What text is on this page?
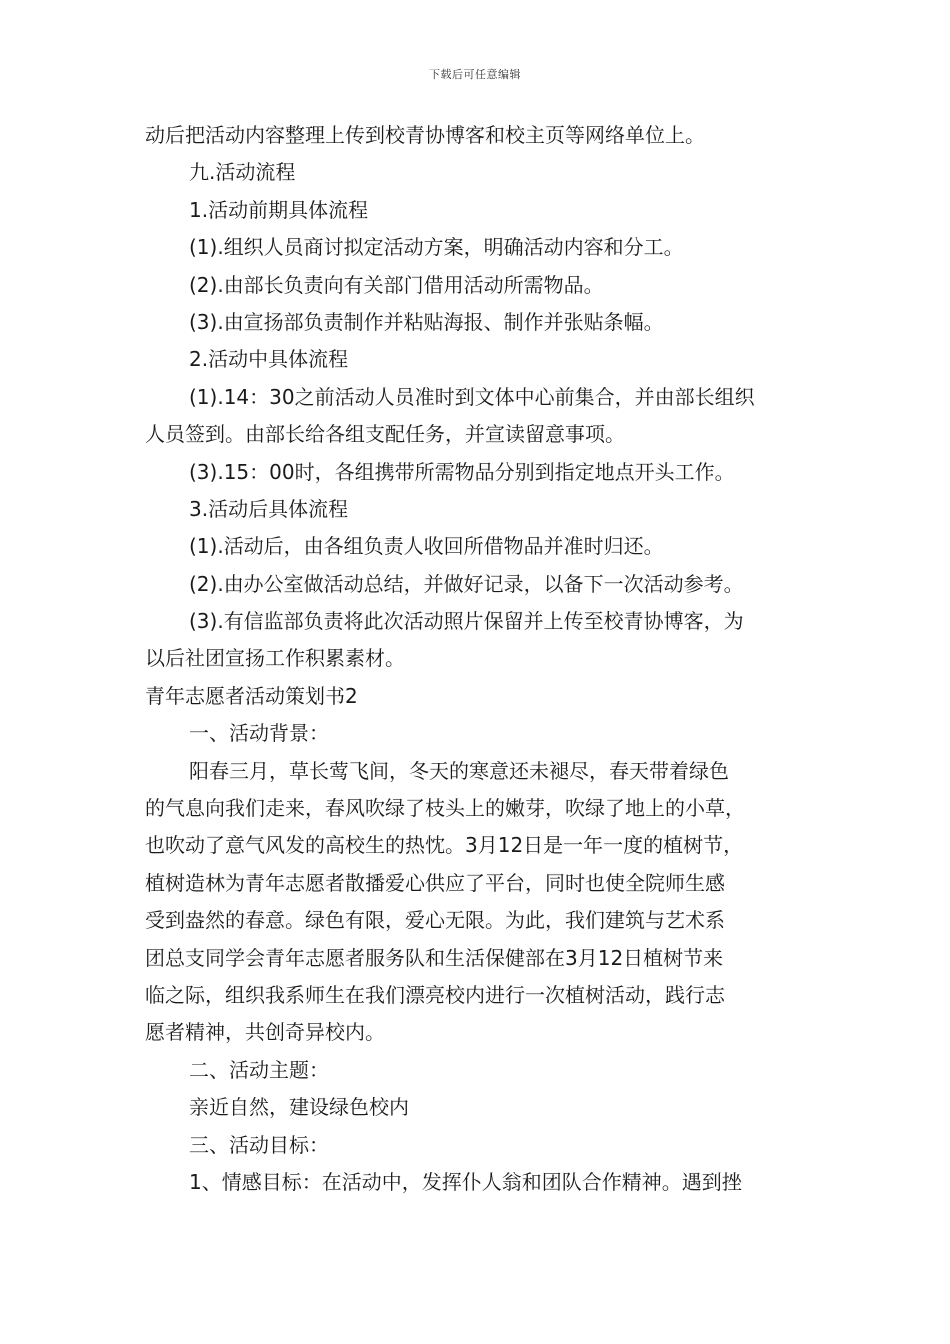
下载后可任意编辑
动后把活动内容整理上传到校青协博客和校主页等网络单位上。
九.活动流程
1.活动前期具体流程
(1).组织人员商讨拟定活动方案，明确活动内容和分工。
(2).由部长负责向有关部门借用活动所需物品。
(3).由宣扬部负责制作并粘贴海报、制作并张贴条幅。
2.活动中具体流程
(1).14：30之前活动人员准时到文体中心前集合，并由部长组织
人员签到。由部长给各组支配任务，并宣读留意事项。
(3).15：00时，各组携带所需物品分别到指定地点开头工作。
3.活动后具体流程
(1).活动后，由各组负责人收回所借物品并准时归还。
(2).由办公室做活动总结，并做好记录，以备下一次活动参考。
(3).有信监部负责将此次活动照片保留并上传至校青协博客，为
以后社团宣扬工作积累素材。
青年志愿者活动策划书2
一、活动背景：
阳春三月，草长莺飞间，冬天的寒意还未褪尽，春天带着绿色
的气息向我们走来，春风吹绿了枝头上的嫩芽，吹绿了地上的小草，
也吹动了意气风发的高校生的热忱。3月12日是一年一度的植树节，
植树造林为青年志愿者散播爱心供应了平台，同时也使全院师生感
受到盎然的春意。绿色有限，爱心无限。为此，我们建筑与艺术系
团总支同学会青年志愿者服务队和生活保健部在3月12日植树节来
临之际，组织我系师生在我们漂亮校内进行一次植树活动，践行志
愿者精神，共创奇异校内。
二、活动主题：
亲近自然，建设绿色校内
三、活动目标：
1、情感目标：在活动中，发挥仆人翁和团队合作精神。遇到挫
